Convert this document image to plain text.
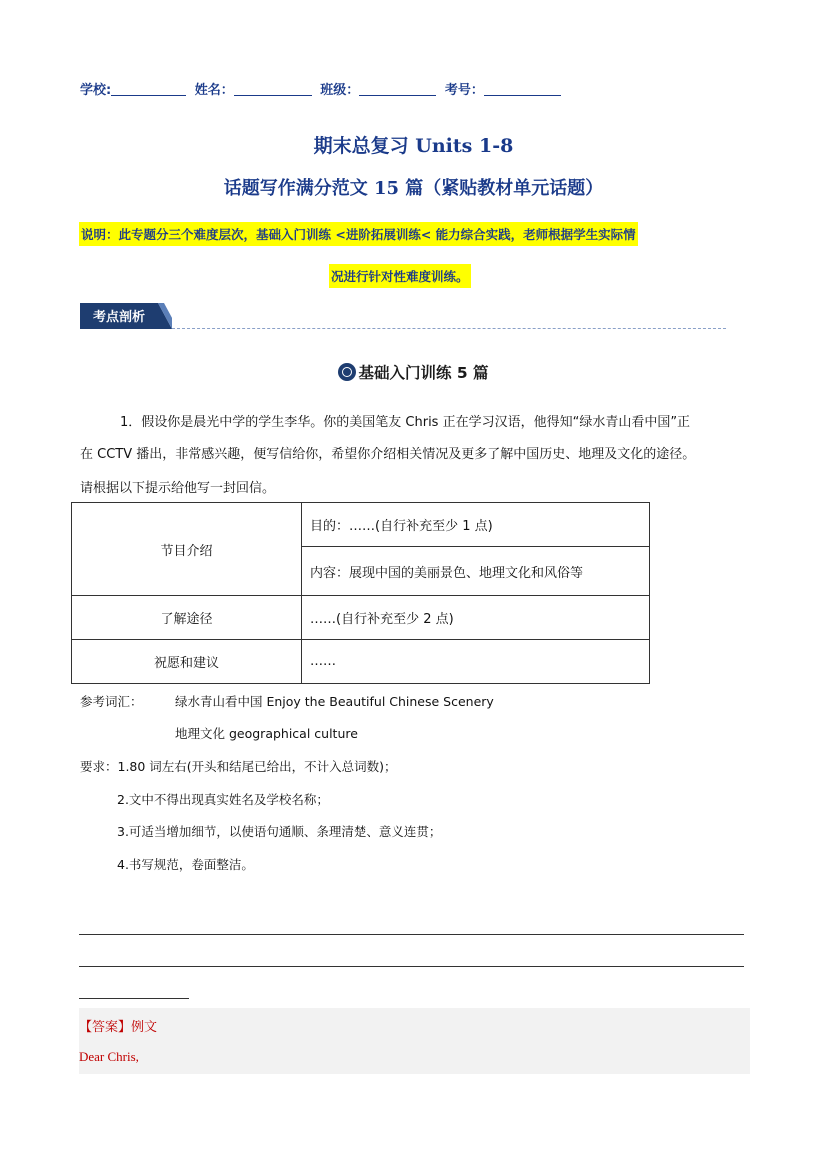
学校:	姓名：	班级：	考号：
期末总复习 Units 1-8
话题写作满分范文 15 篇（紧贴教材单元话题）
说明：此专题分三个难度层次，基础入门训练 <进阶拓展训练< 能力综合实践，老师根据学生实际情
况进行针对性难度训练。
考点剖析
基础入门训练 5 篇
1．假设你是晨光中学的学生李华。你的美国笔友 Chris 正在学习汉语，他得知“绿水青山看中国”正
在 CCTV 播出，非常感兴趣，便写信给你，希望你介绍相关情况及更多了解中国历史、地理及文化的途径。
请根据以下提示给他写一封回信。
节目介绍	目的：……(自行补充至少 1 点)
	内容：展现中国的美丽景色、地理文化和风俗等
了解途径	……(自行补充至少 2 点)
祝愿和建议	……
参考词汇：	绿水青山看中国 Enjoy the Beautiful Chinese Scenery
地理文化 geographical culture
要求：1.80 词左右(开头和结尾已给出，不计入总词数)；
2.文中不得出现真实姓名及学校名称；
3.可适当增加细节，以使语句通顺、条理清楚、意义连贯；
4.书写规范，卷面整洁。
【答案】例文
Dear Chris,
